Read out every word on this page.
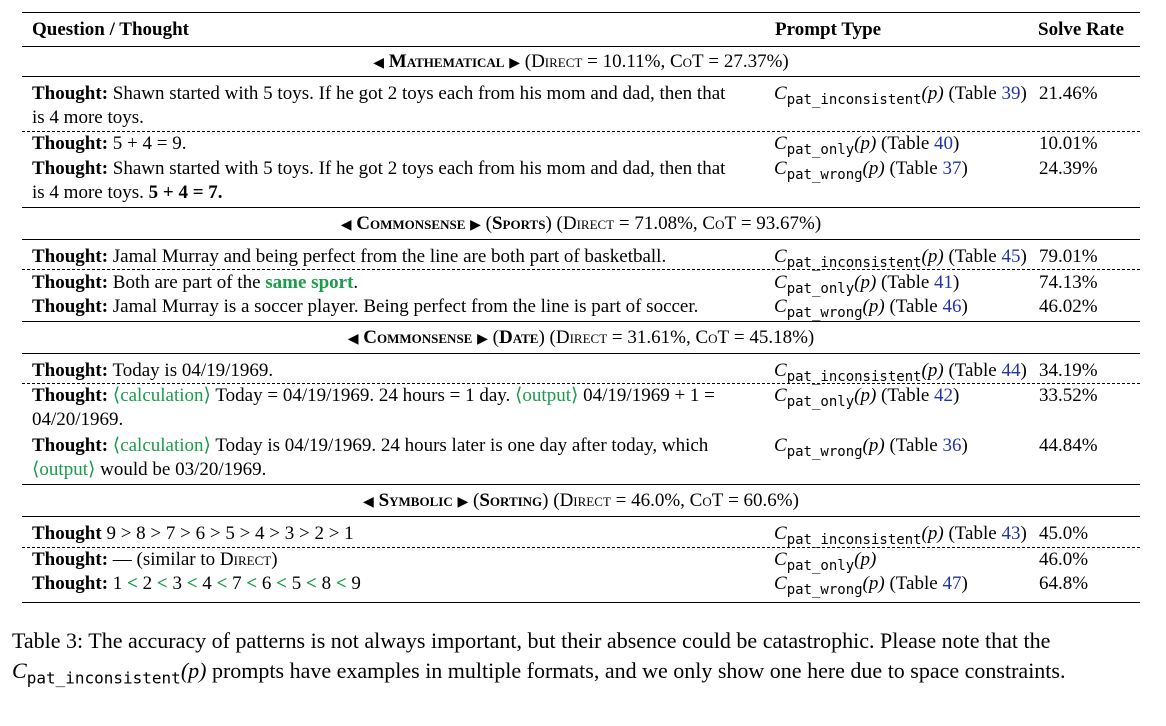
Question / Thought	Prompt Type	Solve Rate
◀ Mathematical ▶ (Direct = 10.11%, CoT = 27.37%)
Thought: Shawn started with 5 toys. If he got 2 toys each from his mom and dad, then that
is 4 more toys.
$C_{pat\_inconsistent}(p)$ (Table 39) 21.46%
Thought: 5 + 4 = 9.	$C_{pat\_only}(p)$ (Table 40)	10.01%
Thought: Shawn started with 5 toys. If he got 2 toys each from his mom and dad, then that
is 4 more toys. 5 + 4 = 7.
$C_{pat\_wrong}(p)$ (Table 37)	24.39%
◀ Commonsense ▶ (Sports) (Direct = 71.08%, CoT = 93.67%)
Thought: Jamal Murray and being perfect from the line are both part of basketball.	$C_{pat\_inconsistent}(p)$ (Table 45) 79.01%
Thought: Both are part of the same sport.	$C_{pat\_only}(p)$ (Table 41)	74.13%
Thought: Jamal Murray is a soccer player. Being perfect from the line is part of soccer.	$C_{pat\_wrong}(p)$ (Table 46)	46.02%
◀ Commonsense ▶ (Date) (Direct = 31.61%, CoT = 45.18%)
Thought: Today is 04/19/1969.	$C_{pat\_inconsistent}(p)$ (Table 44) 34.19%
Thought: ⟨calculation⟩ Today = 04/19/1969. 24 hours = 1 day. ⟨output⟩ 04/19/1969 + 1 =
04/20/1969.
$C_{pat\_only}(p)$ (Table 42)	33.52%
Thought: ⟨calculation⟩ Today is 04/19/1969. 24 hours later is one day after today, which
⟨output⟩ would be 03/20/1969.
$C_{pat\_wrong}(p)$ (Table 36)	44.84%
◀ Symbolic ▶ (Sorting) (Direct = 46.0%, CoT = 60.6%)
Thought 9 > 8 > 7 > 6 > 5 > 4 > 3 > 2 > 1	$C_{pat\_inconsistent}(p)$ (Table 43) 45.0%
Thought: — (similar to Direct)	$C_{pat\_only}(p)$	46.0%
Thought: 1 < 2 < 3 < 4 < 7 < 6 < 5 < 8 < 9	$C_{pat\_wrong}(p)$ (Table 47)	64.8%
Table 3: The accuracy of patterns is not always important, but their absence could be catastrophic. Please note that the $C_{pat\_inconsistent}(p)$ prompts have examples in multiple formats, and we only show one here due to space constraints.
